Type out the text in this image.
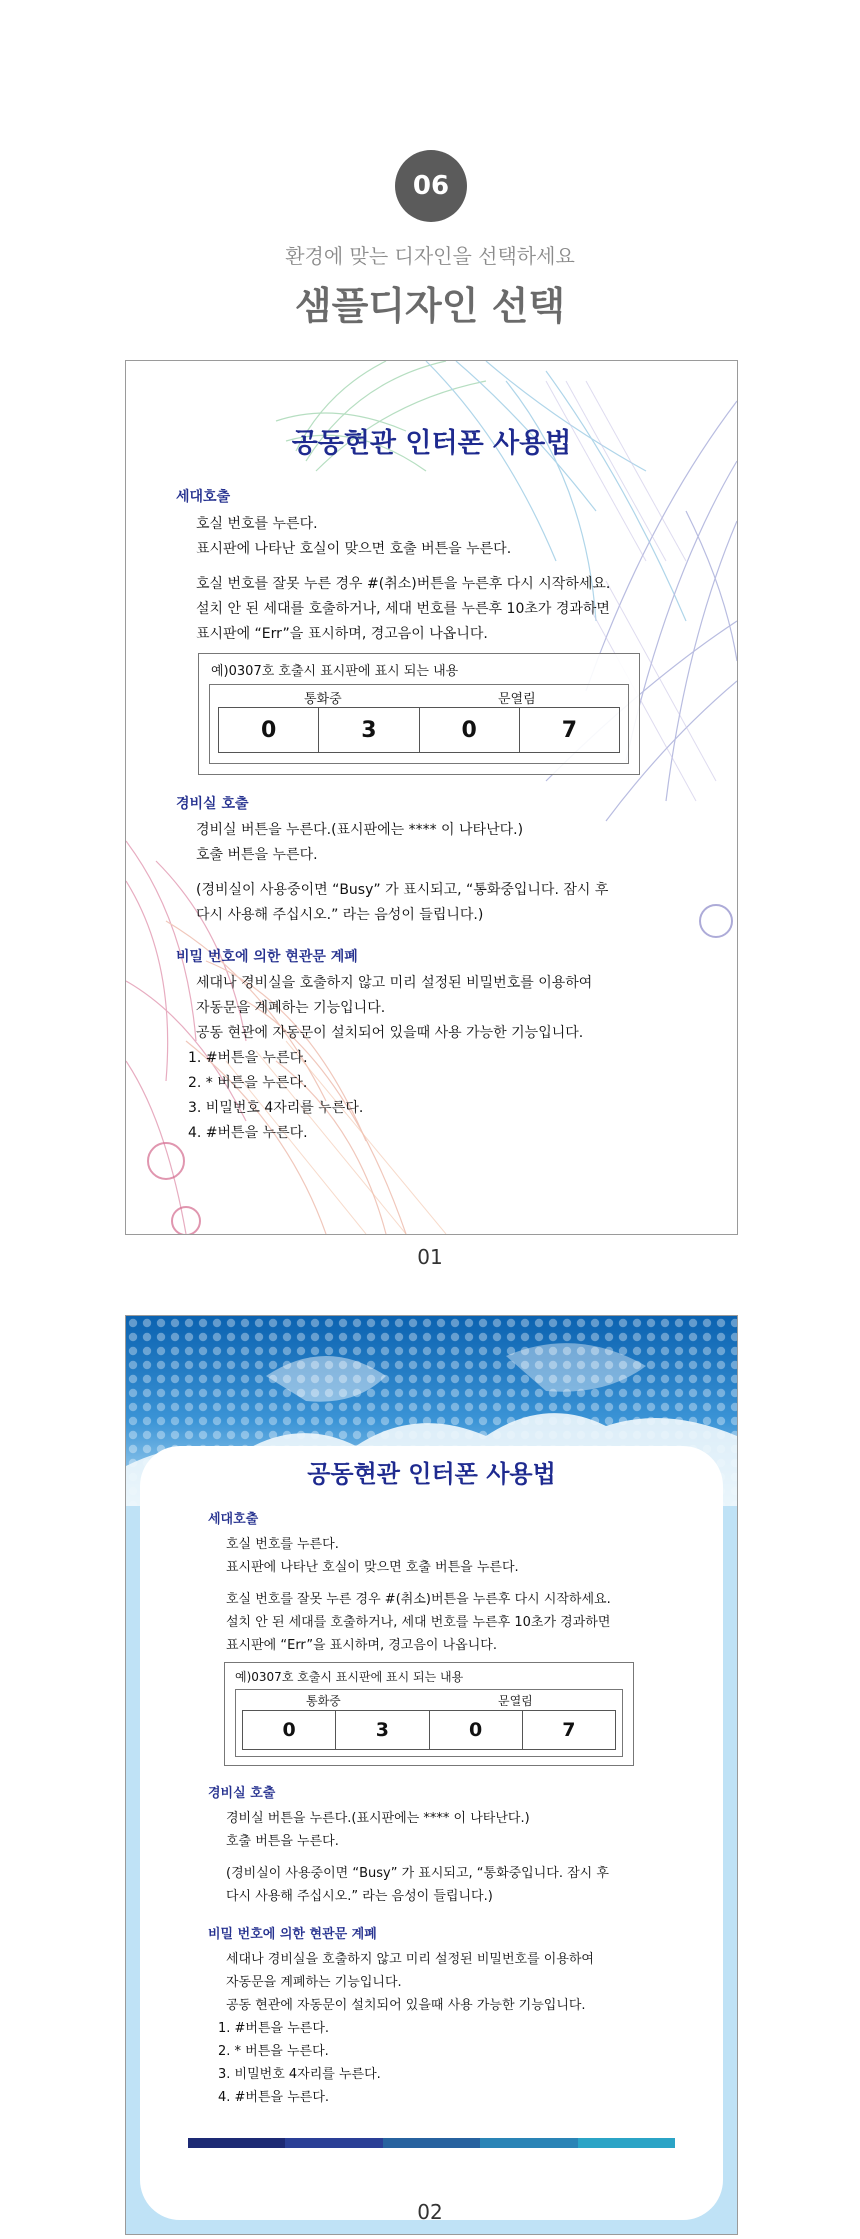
06
환경에 맞는 디자인을 선택하세요
샘플디자인 선택
공동현관 인터폰 사용법
세대호출
호실 번호를 누른다.
표시판에 나타난 호실이 맞으면 호출 버튼을 누른다.
호실 번호를 잘못 누른 경우 #(취소)버튼을 누른후 다시 시작하세요.
설치 안 된 세대를 호출하거나, 세대 번호를 누른후 10초가 경과하면
표시판에 “Err”을 표시하며, 경고음이 나옵니다.
예)0307호 호출시 표시판에 표시 되는 내용
통화중	문열림
0	3	0	7
경비실 호출
경비실 버튼을 누른다.(표시판에는 **** 이 나타난다.)
호출 버튼을 누른다.
(경비실이 사용중이면 “Busy” 가 표시되고, “통화중입니다. 잠시 후
다시 사용해 주십시오.” 라는 음성이 들립니다.)
비밀 번호에 의한 현관문 계폐
세대나 경비실을 호출하지 않고 미리 설정된 비밀번호를 이용하여
자동문을 계폐하는 기능입니다.
공동 현관에 자동문이 설치되어 있을때 사용 가능한 기능입니다.
1. #버튼을 누른다.
2. * 버튼을 누른다.
3. 비밀번호 4자리를 누른다.
4. #버튼을 누른다.
01
공동현관 인터폰 사용법
세대호출
호실 번호를 누른다.
표시판에 나타난 호실이 맞으면 호출 버튼을 누른다.
호실 번호를 잘못 누른 경우 #(취소)버튼을 누른후 다시 시작하세요.
설치 안 된 세대를 호출하거나, 세대 번호를 누른후 10초가 경과하면
표시판에 “Err”을 표시하며, 경고음이 나옵니다.
예)0307호 호출시 표시판에 표시 되는 내용
통화중	문열림
0	3	0	7
경비실 호출
경비실 버튼을 누른다.(표시판에는 **** 이 나타난다.)
호출 버튼을 누른다.
(경비실이 사용중이면 “Busy” 가 표시되고, “통화중입니다. 잠시 후
다시 사용해 주십시오.” 라는 음성이 들립니다.)
비밀 번호에 의한 현관문 계폐
세대나 경비실을 호출하지 않고 미리 설정된 비밀번호를 이용하여
자동문을 계폐하는 기능입니다.
공동 현관에 자동문이 설치되어 있을때 사용 가능한 기능입니다.
1. #버튼을 누른다.
2. * 버튼을 누른다.
3. 비밀번호 4자리를 누른다.
4. #버튼을 누른다.
02
